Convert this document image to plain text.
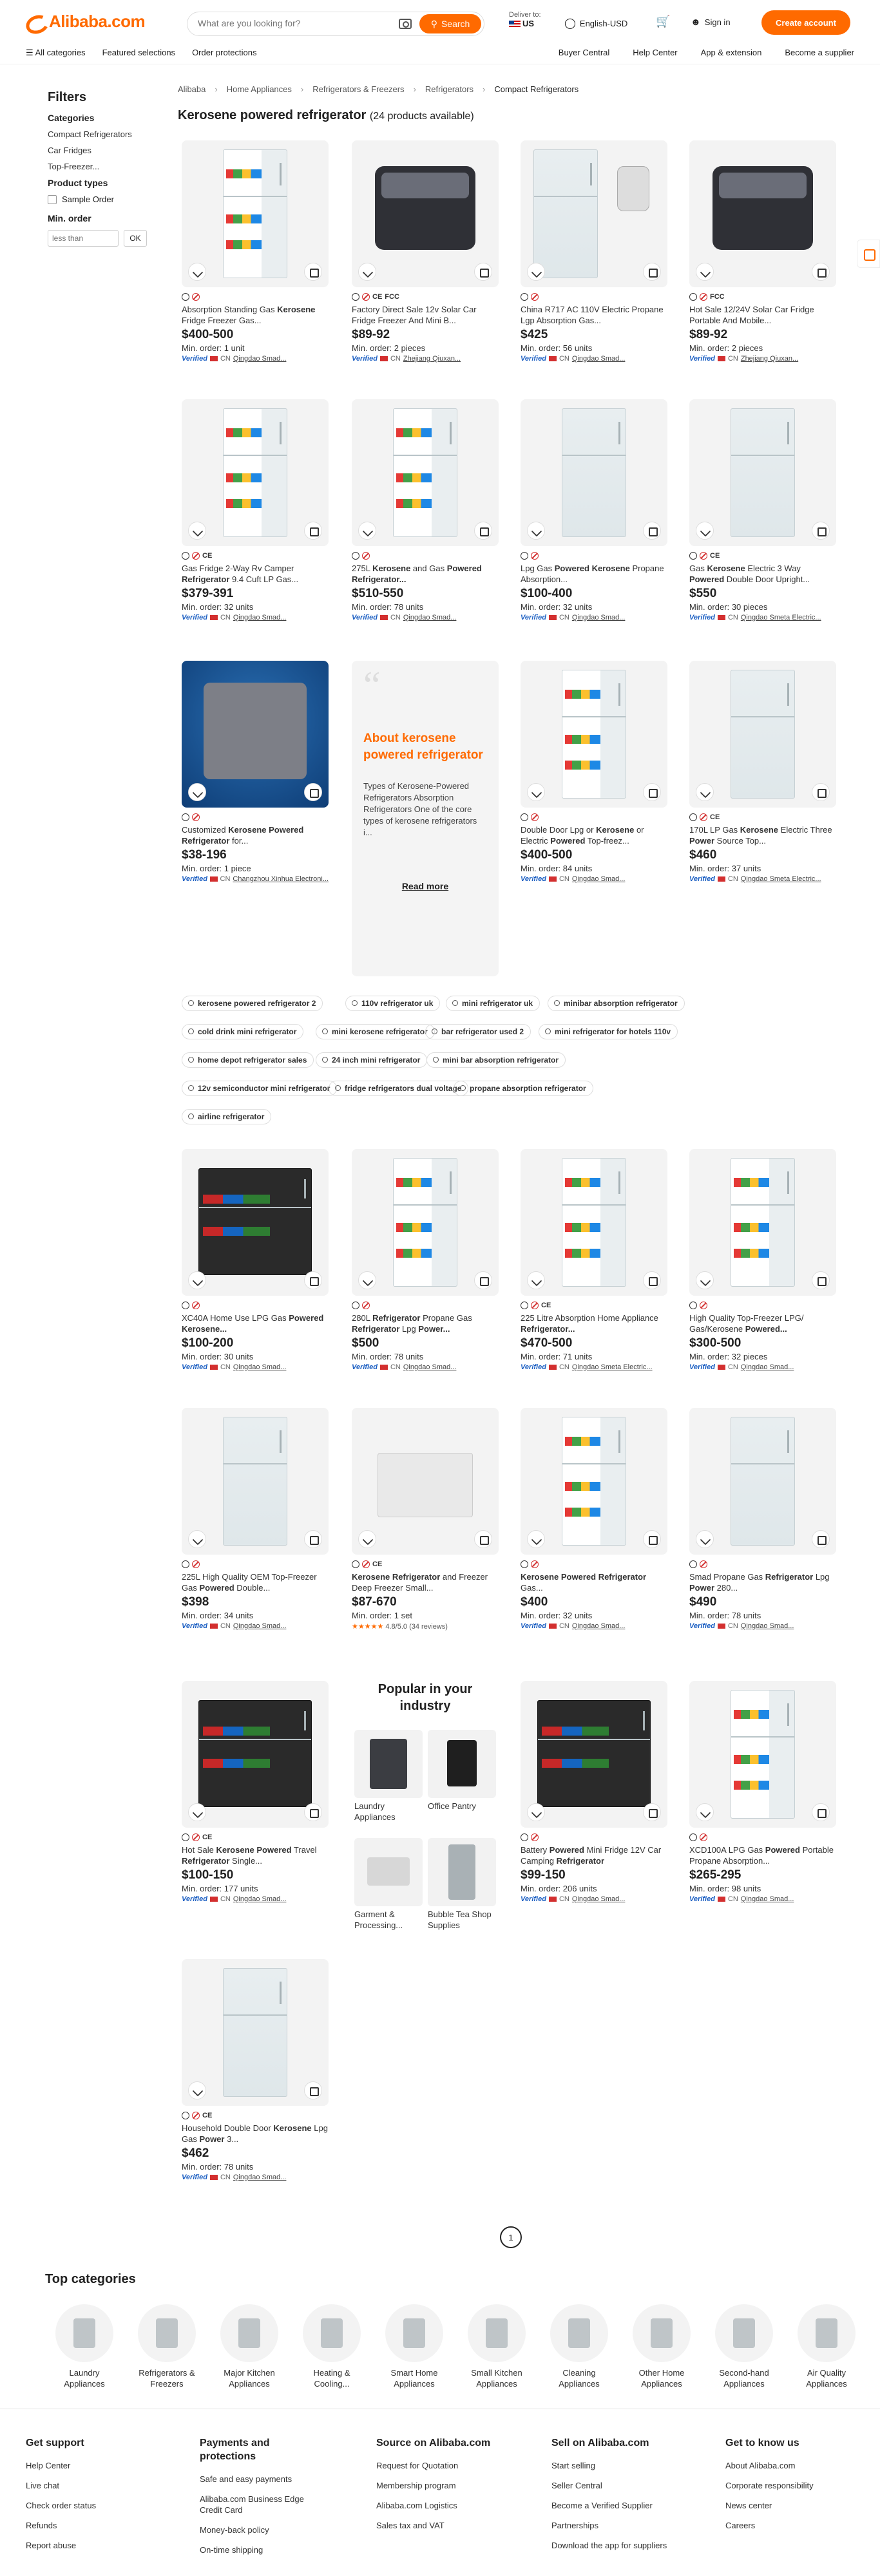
Alibaba.com
What are you looking for?	⚲ Search
Deliver to:
US	◯ English-USD 🛒 ☻ Sign in	Create account
☰ All categories Featured selections Order protections	Buyer Central	Help Center	App & extension	Become a supplier
Filters
Categories
Compact Refrigerators
Car Fridges
Top-Freezer...
Product types
Sample Order
Min. order
less than
OK
Alibaba › Home Appliances › Refrigerators & Freezers › Refrigerators › Compact Refrigerators
Kerosene powered refrigerator (24 products available)
Absorption Standing Gas Kerosene Fridge Freezer Gas...
$400-500
Min. order: 1 unit
Verified CN Qingdao Smad...
CE FCC
Factory Direct Sale 12v Solar Car Fridge Freezer And Mini B...
$89-92
Min. order: 2 pieces
Verified CN Zhejiang Qiuxan...
China R717 AC 110V Electric Propane Lgp Absorption Gas...
$425
Min. order: 56 units
Verified CN Qingdao Smad...
FCC
Hot Sale 12/24V Solar Car Fridge Portable And Mobile...
$89-92
Min. order: 2 pieces
Verified CN Zhejiang Qiuxan...
CE
Gas Fridge 2-Way Rv Camper Refrigerator 9.4 Cuft LP Gas...
$379-391
Min. order: 32 units
Verified CN Qingdao Smad...
275L Kerosene and Gas Powered Refrigerator...
$510-550
Min. order: 78 units
Verified CN Qingdao Smad...
Lpg Gas Powered Kerosene Propane Absorption...
$100-400
Min. order: 32 units
Verified CN Qingdao Smad...
CE
Gas Kerosene Electric 3 Way Powered Double Door Upright...
$550
Min. order: 30 pieces
Verified CN Qingdao Smeta Electric...
Customized Kerosene Powered Refrigerator for...
$38-196
Min. order: 1 piece
Verified CN Changzhou Xinhua Electroni...
Double Door Lpg or Kerosene or Electric Powered Top-freez...
$400-500
Min. order: 84 units
Verified CN Qingdao Smad...
CE
170L LP Gas Kerosene Electric Three Power Source Top...
$460
Min. order: 37 units
Verified CN Qingdao Smeta Electric...
XC40A Home Use LPG Gas Powered Kerosene...
$100-200
Min. order: 30 units
Verified CN Qingdao Smad...
280L Refrigerator Propane Gas Refrigerator Lpg Power...
$500
Min. order: 78 units
Verified CN Qingdao Smad...
CE
225 Litre Absorption Home Appliance Refrigerator...
$470-500
Min. order: 71 units
Verified CN Qingdao Smeta Electric...
High Quality Top-Freezer LPG/ Gas/Kerosene Powered...
$300-500
Min. order: 32 pieces
Verified CN Qingdao Smad...
225L High Quality OEM Top-Freezer Gas Powered Double...
$398
Min. order: 34 units
Verified CN Qingdao Smad...
CE
Kerosene Refrigerator and Freezer Deep Freezer Small...
$87-670
Min. order: 1 set
★★★★★ 4.8/5.0 (34 reviews)
Kerosene Powered Refrigerator Gas...
$400
Min. order: 32 units
Verified CN Qingdao Smad...
Smad Propane Gas Refrigerator Lpg Power 280...
$490
Min. order: 78 units
Verified CN Qingdao Smad...
CE
Hot Sale Kerosene Powered Travel Refrigerator Single...
$100-150
Min. order: 177 units
Verified CN Qingdao Smad...
Battery Powered Mini Fridge 12V Car Camping Refrigerator
$99-150
Min. order: 206 units
Verified CN Qingdao Smad...
XCD100A LPG Gas Powered Portable Propane Absorption...
$265-295
Min. order: 98 units
Verified CN Qingdao Smad...
CE
Household Double Door Kerosene Lpg Gas Power 3...
$462
Min. order: 78 units
Verified CN Qingdao Smad...
“
About kerosene powered refrigerator

Types of Kerosene-Powered Refrigerators Absorption Refrigerators One of the core types of kerosene refrigerators i...

Read more
kerosene powered refrigerator 2	110v refrigerator uk	mini refrigerator uk	minibar absorption refrigerator
cold drink mini refrigerator	mini kerosene refrigerator	bar refrigerator used 2	mini refrigerator for hotels 110v
home depot refrigerator sales	24 inch mini refrigerator	mini bar absorption refrigerator
12v semiconductor mini refrigerator	fridge refrigerators dual voltage	propane absorption refrigerator
airline refrigerator
Popular in your industry
Laundry Appliances
Office Pantry
Garment & Processing...
Bubble Tea Shop Supplies
1
Top categories
Laundry Appliances
Refrigerators & Freezers
Major Kitchen Appliances
Heating & Cooling...
Smart Home Appliances
Small Kitchen Appliances
Cleaning Appliances
Other Home Appliances
Second-hand Appliances
Air Quality Appliances
Get support
Help Center
Live chat
Check order status
Refunds
Report abuse
Payments and protections
Safe and easy payments
Alibaba.com Business Edge Credit Card
Money-back policy
On-time shipping
Source on Alibaba.com
Request for Quotation
Membership program
Alibaba.com Logistics
Sales tax and VAT
Sell on Alibaba.com
Start selling
Seller Central
Become a Verified Supplier
Partnerships
Download the app for suppliers
Get to know us
About Alibaba.com
Corporate responsibility
News center
Careers
